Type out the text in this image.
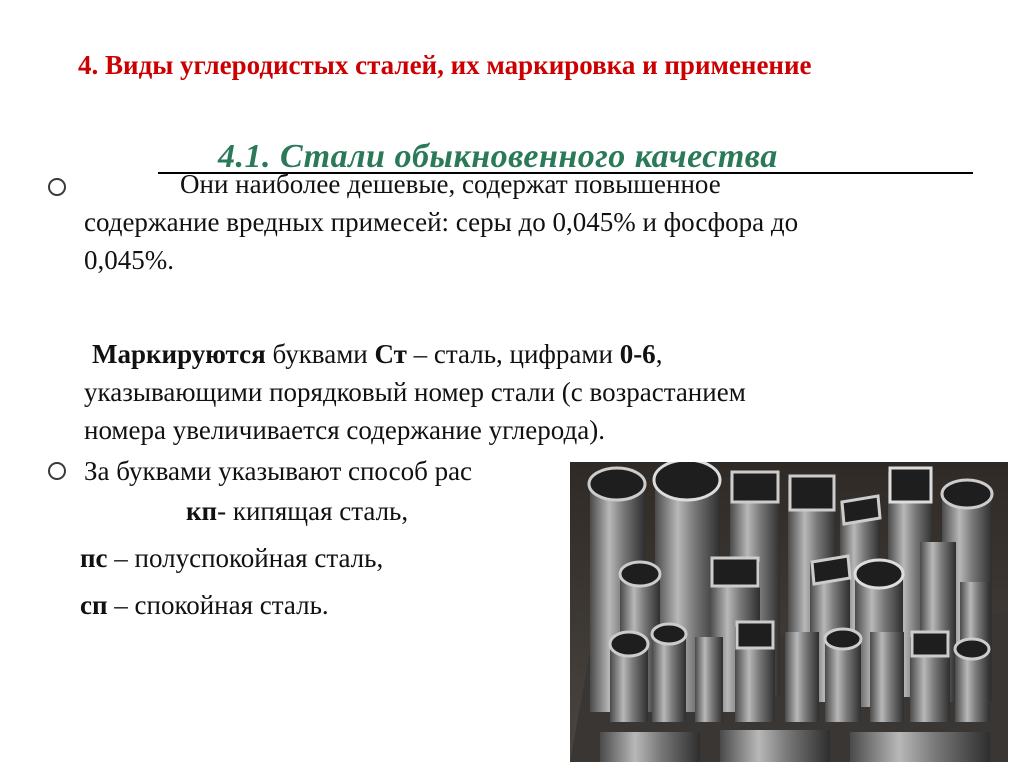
4. Виды углеродистых сталей, их маркировка и применение
4.1. Стали обыкновенного качества
Они наиболее дешевые, содержат повышенное
содержание вредных примесей: серы до 0,045% и фосфора до
0,045%.
Маркируются буквами Ст – сталь, цифрами 0-6,
указывающими порядковый номер стали (с возрастанием
номера увеличивается содержание углерода).
За буквами указывают способ рас
кп- кипящая сталь,
пс – полуспокойная сталь,
сп – спокойная сталь.
